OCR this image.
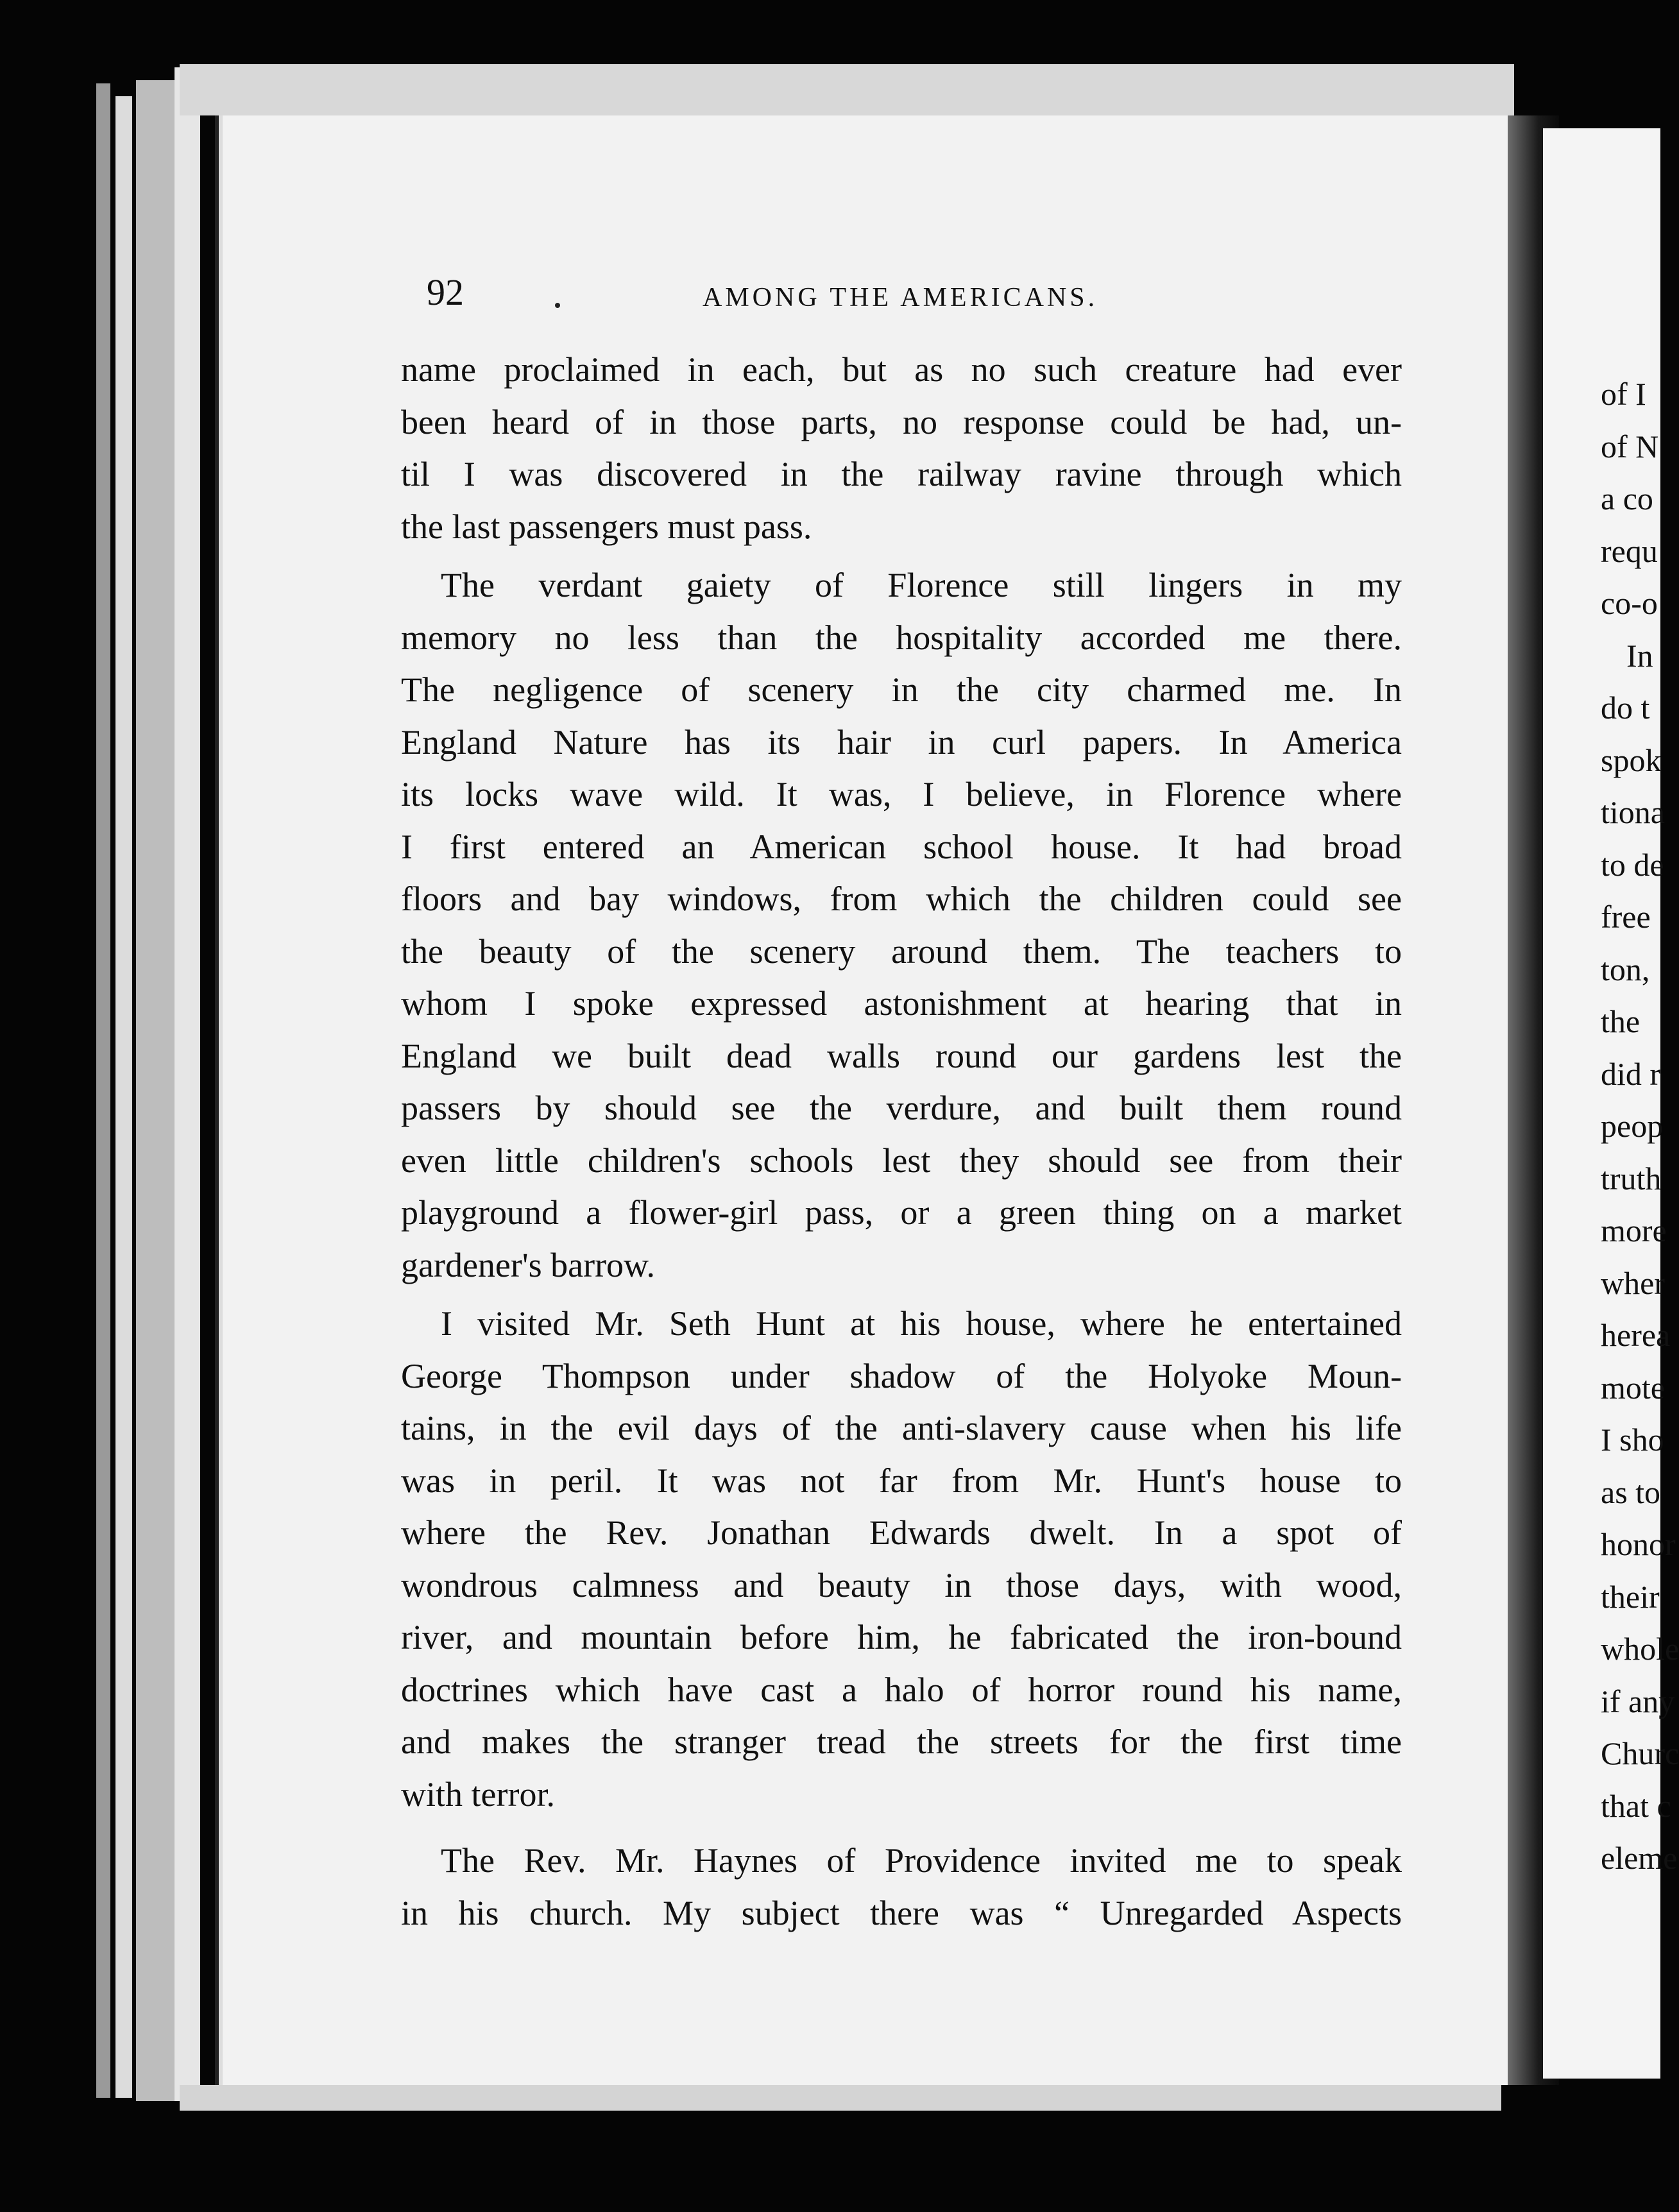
92	AMONG THE AMERICANS.
name proclaimed in each, but as no such creature had ever
been heard of in those parts, no response could be had, un-
til I was discovered in the railway ravine through which
the last passengers must pass.
The verdant gaiety of Florence still lingers in my
memory no less than the hospitality accorded me there.
The negligence of scenery in the city charmed me. In
England Nature has its hair in curl papers. In America
its locks wave wild. It was, I believe, in Florence where
I first entered an American school house. It had broad
floors and bay windows, from which the children could see
the beauty of the scenery around them. The teachers to
whom I spoke expressed astonishment at hearing that in
England we built dead walls round our gardens lest the
passers by should see the verdure, and built them round
even little children's schools lest they should see from their
playground a flower-girl pass, or a green thing on a market
gardener's barrow.
I visited Mr. Seth Hunt at his house, where he entertained
George Thompson under shadow of the Holyoke Moun-
tains, in the evil days of the anti-slavery cause when his life
was in peril. It was not far from Mr. Hunt's house to
where the Rev. Jonathan Edwards dwelt. In a spot of
wondrous calmness and beauty in those days, with wood,
river, and mountain before him, he fabricated the iron-bound
doctrines which have cast a halo of horror round his name,
and makes the stranger tread the streets for the first time
with terror.
The Rev. Mr. Haynes of Providence invited me to speak
in his church. My subject there was “ Unregarded Aspects
of I
of N
a co
requ
co-o
In
do t
spok
tiona
to de
free
ton,
the
did r
peop
truth
more
wher
herea
mote
I sho
as to
honor
their
whole
if any
Churc
that c
eleme
